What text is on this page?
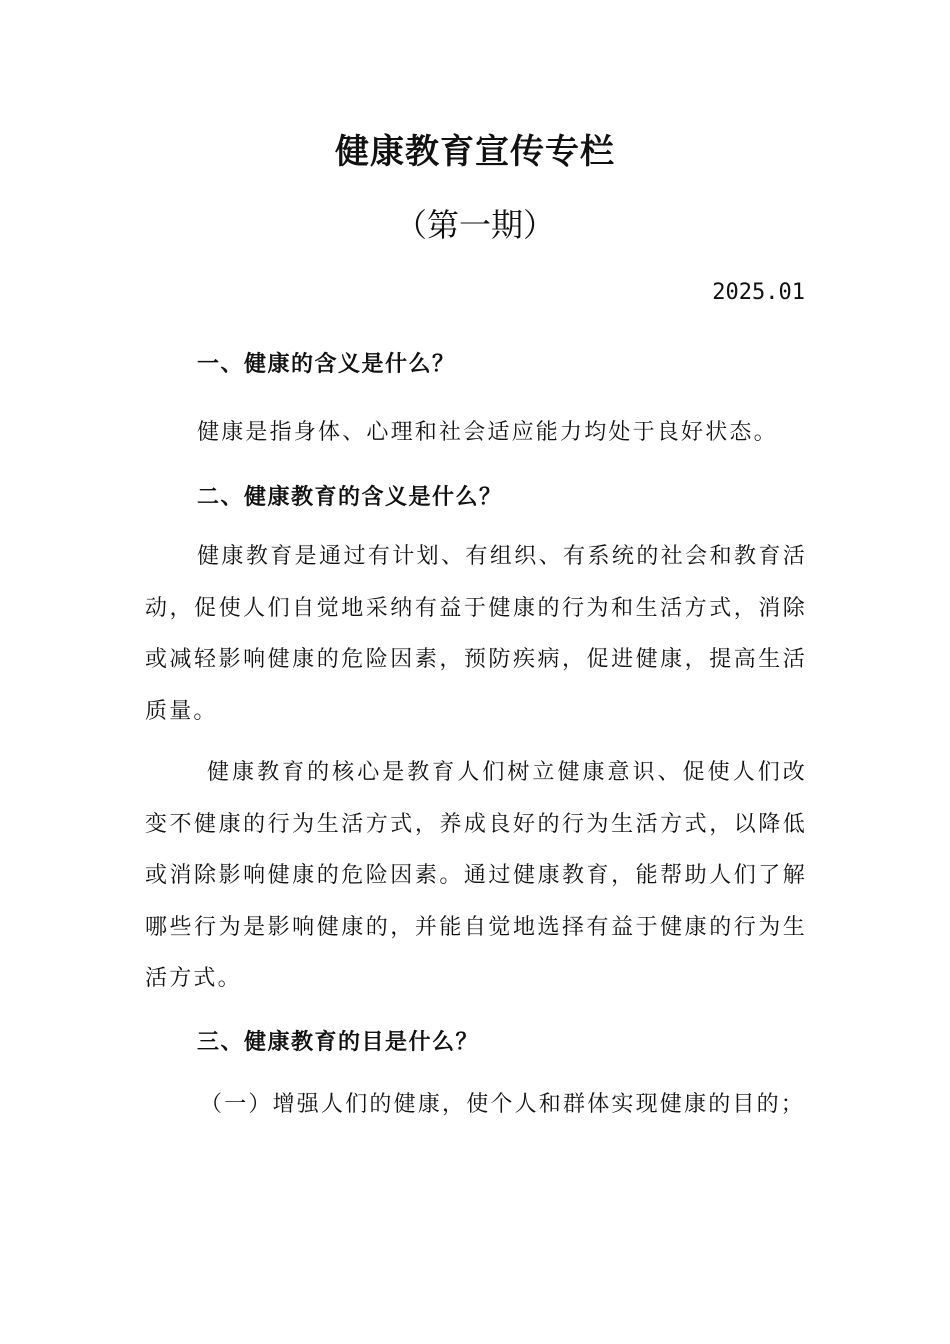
健康教育宣传专栏
（第一期）
2025.01
一、健康的含义是什么？
健康是指身体、心理和社会适应能力均处于良好状态。
二、健康教育的含义是什么？
健康教育是通过有计划、有组织、有系统的社会和教育活动，促使人们自觉地采纳有益于健康的行为和生活方式，消除或减轻影响健康的危险因素，预防疾病，促进健康，提高生活质量。
健康教育的核心是教育人们树立健康意识、促使人们改变不健康的行为生活方式，养成良好的行为生活方式，以降低或消除影响健康的危险因素。通过健康教育，能帮助人们了解哪些行为是影响健康的，并能自觉地选择有益于健康的行为生活方式。
三、健康教育的目是什么？
（一）增强人们的健康，使个人和群体实现健康的目的；
